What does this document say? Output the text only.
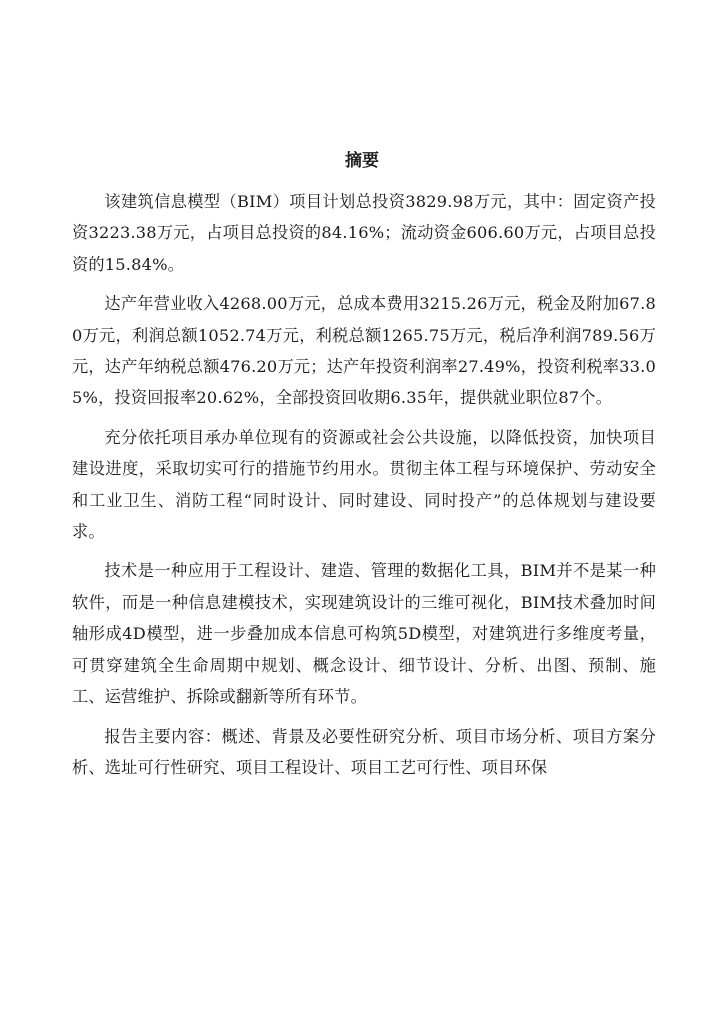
摘要

该建筑信息模型（BIM）项目计划总投资3829.98万元，其中：固定资产投资3223.38万元，占项目总投资的84.16%；流动资金606.60万元，占项目总投资的15.84%。

达产年营业收入4268.00万元，总成本费用3215.26万元，税金及附加67.80万元，利润总额1052.74万元，利税总额1265.75万元，税后净利润789.56万元，达产年纳税总额476.20万元；达产年投资利润率27.49%，投资利税率33.05%，投资回报率20.62%，全部投资回收期6.35年，提供就业职位87个。

充分依托项目承办单位现有的资源或社会公共设施，以降低投资，加快项目建设进度，采取切实可行的措施节约用水。贯彻主体工程与环境保护、劳动安全和工业卫生、消防工程“同时设计、同时建设、同时投产”的总体规划与建设要求。

技术是一种应用于工程设计、建造、管理的数据化工具，BIM并不是某一种软件，而是一种信息建模技术，实现建筑设计的三维可视化，BIM技术叠加时间轴形成4D模型，进一步叠加成本信息可构筑5D模型，对建筑进行多维度考量，可贯穿建筑全生命周期中规划、概念设计、细节设计、分析、出图、预制、施工、运营维护、拆除或翻新等所有环节。

报告主要内容：概述、背景及必要性研究分析、项目市场分析、项目方案分析、选址可行性研究、项目工程设计、项目工艺可行性、项目环保
